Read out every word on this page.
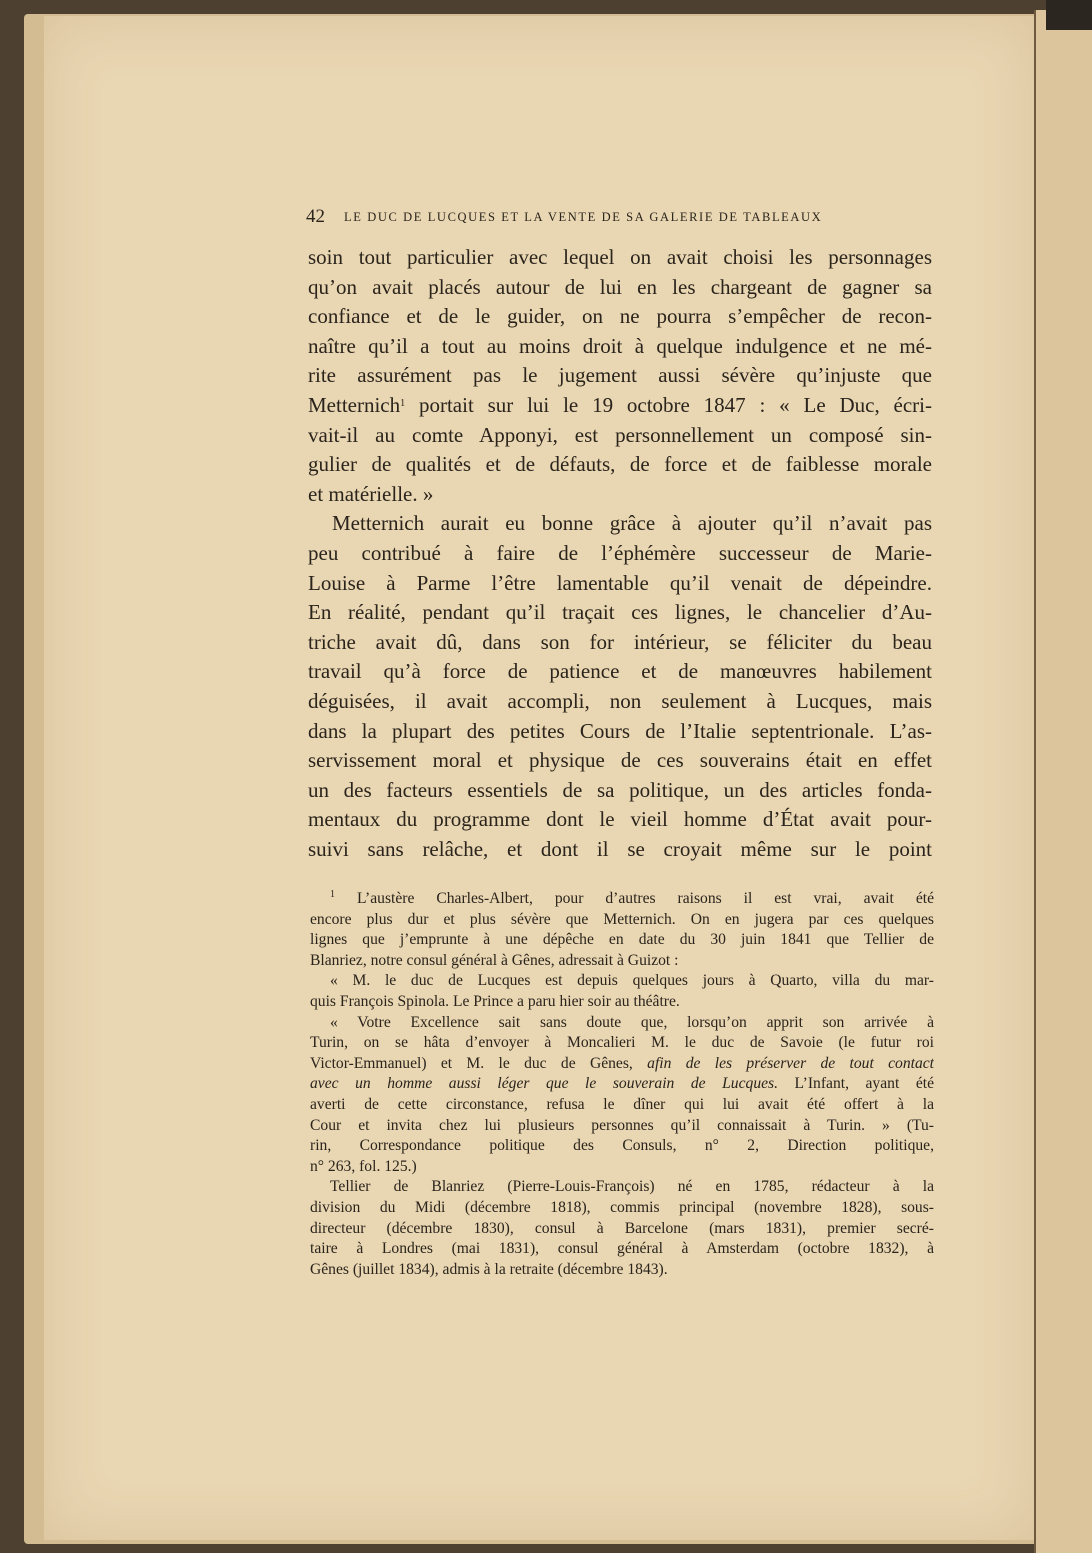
42 LE DUC DE LUCQUES ET LA VENTE DE SA GALERIE DE TABLEAUX
soin tout particulier avec lequel on avait choisi les personnages
qu’on avait placés autour de lui en les chargeant de gagner sa
confiance et de le guider, on ne pourra s’empêcher de recon-
naître qu’il a tout au moins droit à quelque indulgence et ne mé-
rite assurément pas le jugement aussi sévère qu’injuste que
Metternich$^1$ portait sur lui le 19 octobre 1847 : « Le Duc, écri-
vait-il au comte Apponyi, est personnellement un composé sin-
gulier de qualités et de défauts, de force et de faiblesse morale
et matérielle. »
Metternich aurait eu bonne grâce à ajouter qu’il n’avait pas
peu contribué à faire de l’éphémère successeur de Marie-
Louise à Parme l’être lamentable qu’il venait de dépeindre.
En réalité, pendant qu’il traçait ces lignes, le chancelier d’Au-
triche avait dû, dans son for intérieur, se féliciter du beau
travail qu’à force de patience et de manœuvres habilement
déguisées, il avait accompli, non seulement à Lucques, mais
dans la plupart des petites Cours de l’Italie septentrionale. L’as-
servissement moral et physique de ces souverains était en effet
un des facteurs essentiels de sa politique, un des articles fonda-
mentaux du programme dont le vieil homme d’État avait pour-
suivi sans relâche, et dont il se croyait même sur le point
$^1$ L’austère Charles-Albert, pour d’autres raisons il est vrai, avait été
encore plus dur et plus sévère que Metternich. On en jugera par ces quelques
lignes que j’emprunte à une dépêche en date du 30 juin 1841 que Tellier de
Blanriez, notre consul général à Gênes, adressait à Guizot :
« M. le duc de Lucques est depuis quelques jours à Quarto, villa du mar-
quis François Spinola. Le Prince a paru hier soir au théâtre.
« Votre Excellence sait sans doute que, lorsqu’on apprit son arrivée à
Turin, on se hâta d’envoyer à Moncalieri M. le duc de Savoie (le futur roi
Victor-Emmanuel) et M. le duc de Gênes, afin de les préserver de tout contact
avec un homme aussi léger que le souverain de Lucques. L’Infant, ayant été
averti de cette circonstance, refusa le dîner qui lui avait été offert à la
Cour et invita chez lui plusieurs personnes qu’il connaissait à Turin. » (Tu-
rin, Correspondance politique des Consuls, n° 2, Direction politique,
n° 263, fol. 125.)
Tellier de Blanriez (Pierre-Louis-François) né en 1785, rédacteur à la
division du Midi (décembre 1818), commis principal (novembre 1828), sous-
directeur (décembre 1830), consul à Barcelone (mars 1831), premier secré-
taire à Londres (mai 1831), consul général à Amsterdam (octobre 1832), à
Gênes (juillet 1834), admis à la retraite (décembre 1843).
